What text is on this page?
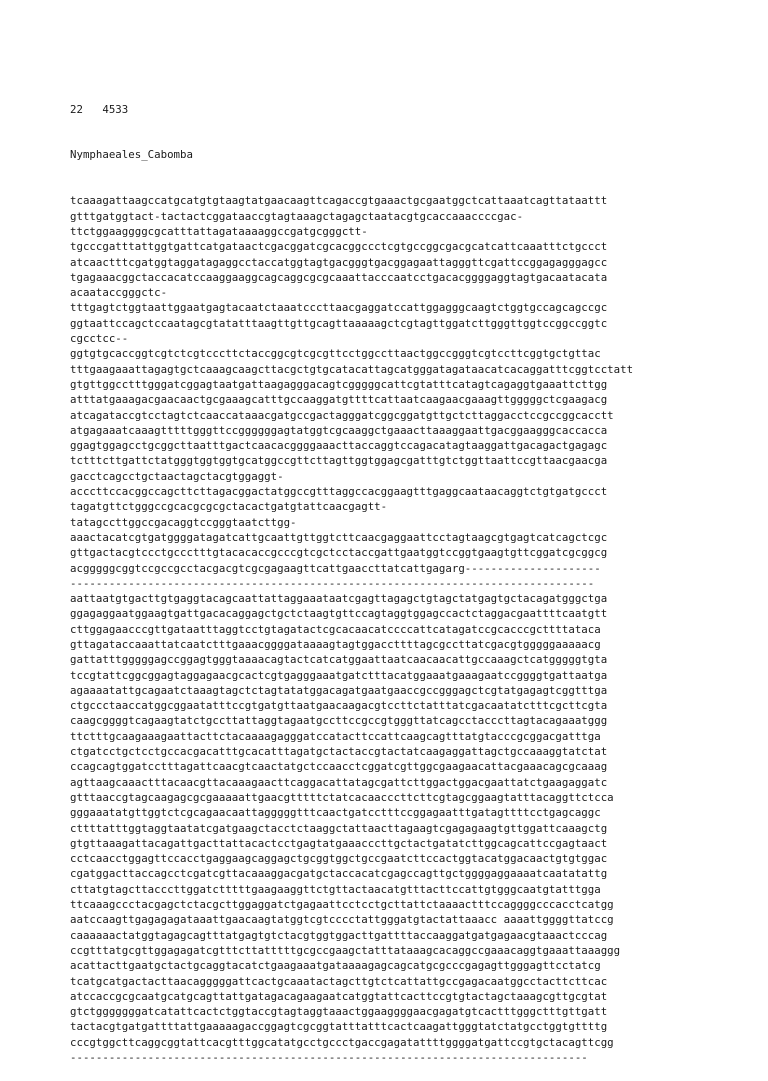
22   4533

Nymphaeales_Cabomba

tcaaagattaagccatgcatgtgtaagtatgaacaagttcagaccgtgaaactgcgaatggctcattaaatcagttataattt
gtttgatggtact-tactactcggataaccgtagtaaagctagagctaatacgtgcaccaaaccccgac-
ttctggaaggggcgcatttattagataaaaggccgatgcgggctt-
tgcccgatttattggtgattcatgataactcgacggatcgcacggccctcgtgccggcgacgcatcattcaaatttctgccct
atcaactttcgatggtaggatagaggcctaccatggtagtgacgggtgacggagaattagggttcgattccggagagggagcc
tgagaaacggctaccacatccaaggaaggcagcaggcgcgcaaattacccaatcctgacacggggaggtagtgacaatacata
acaataccgggctc-
tttgagtctggtaattggaatgagtacaatctaaatcccttaacgaggatccattggagggcaagtctggtgccagcagccgc
ggtaattccagctccaatagcgtatatttaagttgttgcagttaaaaagctcgtagttggatcttgggttggtccggccggtc
cgcctcc--
ggtgtgcaccggtcgtctcgtcccttctaccggcgtcgcgttcctggccttaactggccgggtcgtccttcggtgctgttac
tttgaagaaattagagtgctcaaagcaagcttacgctgtgcatacattagcatgggatagataacatcacaggatttcggtcctatt
gtgttggcctttgggatcggagtaatgattaagagggacagtcgggggcattcgtatttcatagtcagaggtgaaattcttgg
atttatgaaagacgaacaactgcgaaagcatttgccaaggatgttttcattaatcaagaacgaaagttgggggctcgaagacg
atcagataccgtcctagtctcaaccataaacgatgccgactagggatcggcggatgttgctcttaggacctccgccggcacctt
atgagaaatcaaagtttttgggttccggggggagtatggtcgcaaggctgaaacttaaaggaattgacggaagggcaccacca
ggagtggagcctgcggcttaatttgactcaacacggggaaacttaccaggtccagacatagtaaggattgacagactgagagc
tctttcttgattctatgggtggtggtgcatggccgttcttagttggtggagcgatttgtctggttaattccgttaacgaacga
gacctcagcctgctaactagctacgtggaggt-
acccttccacggccagcttcttagacggactatggccgtttaggccacggaagtttgaggcaataacaggtctgtgatgccct
tagatgttctgggccgcacgcgcgctacactgatgtattcaacgagtt-
tatagccttggccgacaggtccgggtaatcttgg-
aaactacatcgtgatggggatagatcattgcaattgttggtcttcaacgaggaattcctagtaagcgtgagtcatcagctcgc
gttgactacgtccctgccctttgtacacaccgcccgtcgctcctaccgattgaatggtccggtgaagtgttcggatcgcggcg
acgggggcggtccgccgcctacgacgtcgcgagaagttcattgaaccttatcattgagarg---------------------
---------------------------------------------------------------------------------
aattaatgtgacttgtgaggtacagcaattattaggaaataatcgagttagagctgtagctatgagtgctacagatgggctga
ggagaggaatggaagtgattgacacaggagctgctctaagtgttccagtaggtggagccactctaggacgaattttcaatgtt
cttggagaacccgttgataatttaggtcctgtagatactcgcacaacatccccattcatagatccgcacccgcttttataca
gttagataccaaattatcaatctttgaaacggggataaaagtagtggaccttttagcgccttatcgacgtgggggaaaaacg
gattatttgggggagccggagtgggtaaaacagtactcatcatggaattaatcaacaacattgccaaagctcatgggggtgta
tccgtattcggcggagtaggagaacgcactcgtgagggaaatgatctttacatggaaatgaaagaatccggggtgattaatga
agaaaatattgcagaatctaaagtagctctagtatatggacagatgaatgaaccgccgggagctcgtatgagagtcggtttga
ctgccctaaccatggcggaatatttccgtgatgttaatgaacaagacgtccttctatttatcgacaatatctttcgcttcgta
caagcggggtcagaagtatctgccttattaggtagaatgccttccgccgtgggttatcagcctacccttagtacagaaatggg
ttctttgcaagaaagaattacttctacaaaagagggatccatacttccattcaagcagtttatgtacccgcggacgatttga
ctgatcctgctcctgccacgacatttgcacatttagatgctactaccgtactatcaagaggattagctgccaaaggtatctat
ccagcagtggatcctttagattcaacgtcaactatgctccaacctcggatcgttggcgaagaacattacgaaacagcgcaaag
agttaagcaaactttacaacgttacaaagaacttcaggacattatagcgattcttggactggacgaattatctgaagaggatc
gtttaaccgtagcaagagcgcgaaaaattgaacgtttttctatcacaacccttcttcgtagcggaagtatttacaggttctcca
gggaaatatgttggtctcgcagaacaattagggggtttcaactgatcctttccggagaatttgatagttttcctgagcaggc
cttttatttggtaggtaatatcgatgaagctacctctaaggctattaacttagaagtcgagagaagtgttggattcaaagctg
gtgttaaagattacagattgacttattacactcctgagtatgaaacccttgctactgatatcttggcagcattccgagtaact
cctcaacctggagttccacctgaggaagcaggagctgcggtggctgccgaatcttccactggtacatggacaactgtgtggac
cgatggacttaccagcctcgatcgttacaaaggacgatgctaccacatcgagccagttgctggggaggaaaatcaatatattg
cttatgtagcttacccttggatctttttgaagaaggttctgttactaacatgtttacttccattgtgggcaatgtatttgga
ttcaaagccctacgagctctacgcttggaggatctgagaattcctcctgcttattctaaaactttccaggggcccacctcatgg
aatccaagttgagagagataaattgaacaagtatggtcgtcccctattgggatgtactattaaacc aaaattggggttatccg
caaaaaactatggtagagcagtttatgagtgtctacgtggtggacttgattttaccaaggatgatgagaacgtaaactcccag
ccgtttatgcgttggagagatcgtttcttatttttgcgccgaagctatttataaagcacaggccgaaacaggtgaaattaaaggg
acattacttgaatgctactgcaggtacatctgaagaaatgataaaagagcagcatgcgcccgagagttgggagttcctatcg
tcatgcatgactacttaacagggggattcactgcaaatactagcttgtctcattattgccgagacaatggcctacttcttcac
atccaccgcgcaatgcatgcagttattgatagacagaagaatcatggtattcacttccgtgtactagctaaagcgttgcgtat
gtctgggggggatcatattcactctggtaccgtagtaggtaaactggaaggggaacgagatgtcactttgggctttgttgatt
tactacgtgatgattttattgaaaaagaccggagtcgcggtatttatttcactcaagattgggtatctatgcctggtgttttg
cccgtggcttcaggcggtattcacgtttggcatatgcctgccctgaccgagatattttggggatgattccgtgctacagttcgg
--------------------------------------------------------------------------------
